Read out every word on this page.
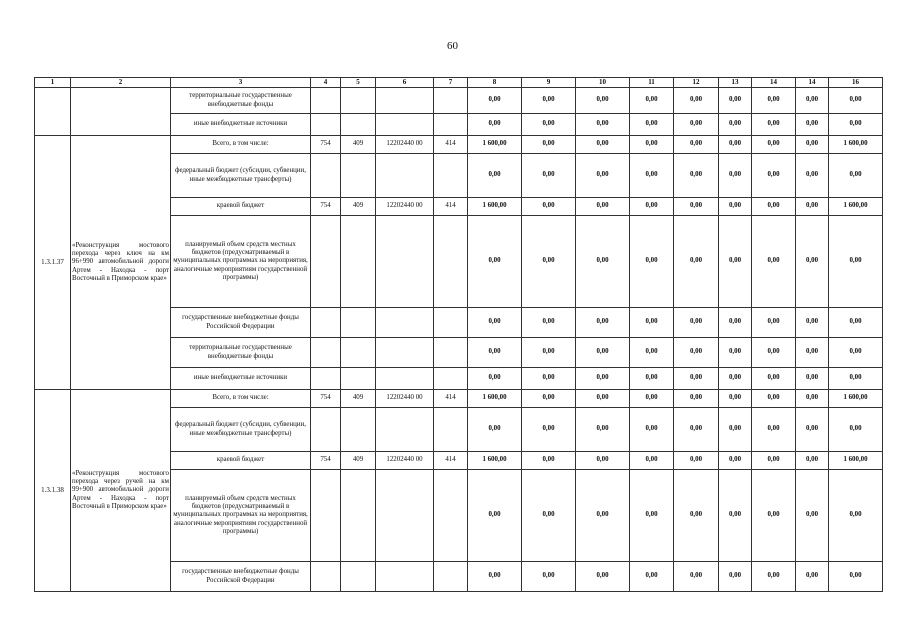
60
1	2	3	4	5	6	7	8	9	10	11	12	13	14	14	16
		территориальные государственные внебюджетные фонды					0,00	0,00	0,00	0,00	0,00	0,00	0,00	0,00	0,00
		иные внебюджетные источники					0,00	0,00	0,00	0,00	0,00	0,00	0,00	0,00	0,00
1.3.1.37	«Реконструкция мостового перехода через ключ на км 96+990 автомобильной дороги Артем - Находка - порт Восточный в Приморском крае»	Всего, в том числе:	754	409	12202440 00	414	1 600,00	0,00	0,00	0,00	0,00	0,00	0,00	0,00	1 600,00
		федеральный бюджет (субсидии, субвенции, иные межбюджетные трансферты)					0,00	0,00	0,00	0,00	0,00	0,00	0,00	0,00	0,00
		краевой бюджет	754	409	12202440 00	414	1 600,00	0,00	0,00	0,00	0,00	0,00	0,00	0,00	1 600,00
		планируемый объем средств местных бюджетов (предусматриваемый в муниципальных программах на мероприятия, аналогичные мероприятиям государственной программы)					0,00	0,00	0,00	0,00	0,00	0,00	0,00	0,00	0,00
		государственные внебюджетные фонды Российской Федерации					0,00	0,00	0,00	0,00	0,00	0,00	0,00	0,00	0,00
		территориальные государственные внебюджетные фонды					0,00	0,00	0,00	0,00	0,00	0,00	0,00	0,00	0,00
		иные внебюджетные источники					0,00	0,00	0,00	0,00	0,00	0,00	0,00	0,00	0,00
1.3.1.38	«Реконструкция мостового перехода через ручей на км 99+900 автомобильной дороги Артем - Находка - порт Восточный в Приморском крае»	Всего, в том числе:	754	409	12202440 00	414	1 600,00	0,00	0,00	0,00	0,00	0,00	0,00	0,00	1 600,00
		федеральный бюджет (субсидии, субвенции, иные межбюджетные трансферты)					0,00	0,00	0,00	0,00	0,00	0,00	0,00	0,00	0,00
		краевой бюджет	754	409	12202440 00	414	1 600,00	0,00	0,00	0,00	0,00	0,00	0,00	0,00	1 600,00
		планируемый объем средств местных бюджетов (предусматриваемый в муниципальных программах на мероприятия, аналогичные мероприятиям государственной программы)					0,00	0,00	0,00	0,00	0,00	0,00	0,00	0,00	0,00
		государственные внебюджетные фонды Российской Федерации					0,00	0,00	0,00	0,00	0,00	0,00	0,00	0,00	0,00
